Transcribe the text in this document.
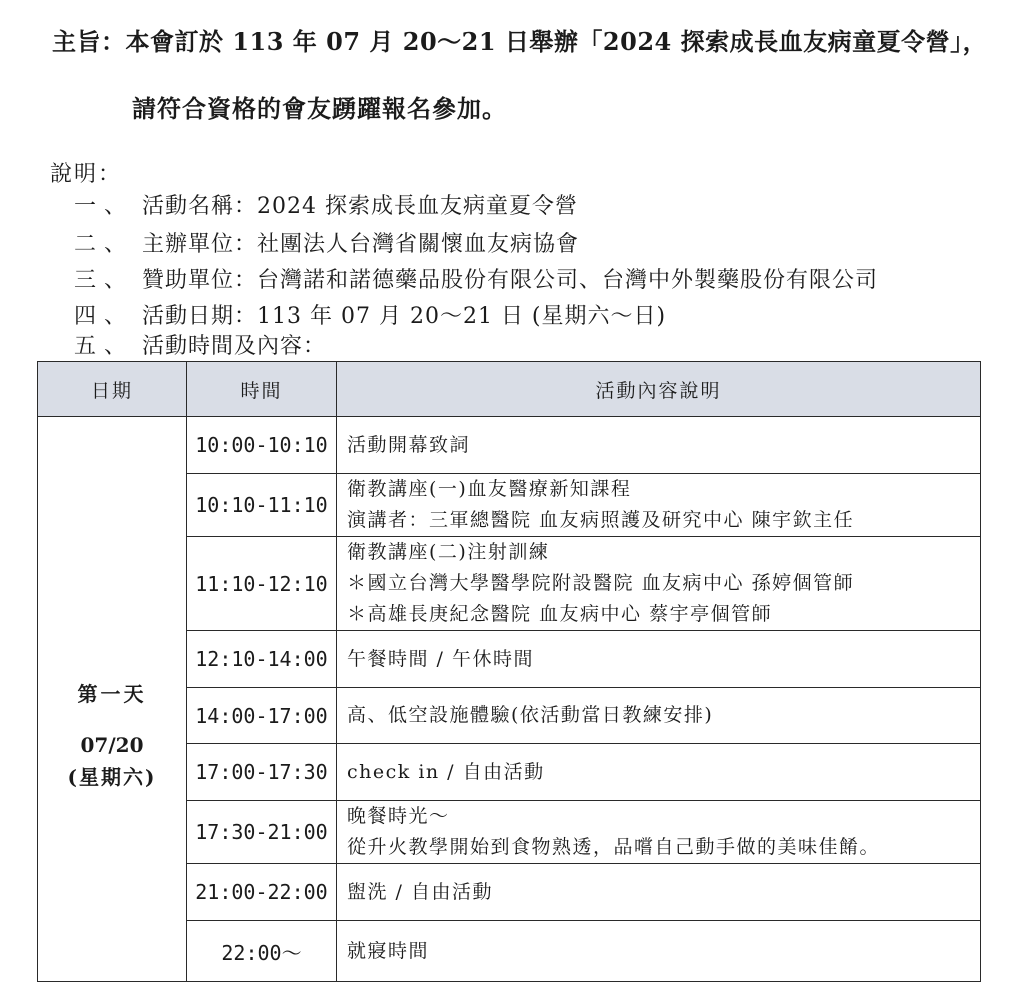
主旨：本會訂於 113 年 07 月 20～21 日舉辦「2024 探索成長血友病童夏令營」，
請符合資格的會友踴躍報名參加。
說明：
一、 活動名稱：2024 探索成長血友病童夏令營
二、 主辦單位：社團法人台灣省關懷血友病協會
三、 贊助單位：台灣諾和諾德藥品股份有限公司、台灣中外製藥股份有限公司
四、 活動日期：113 年 07 月 20～21 日 (星期六～日)
五、 活動時間及內容：
日期	時間	活動內容說明

第一天
07/20
(星期六)	10:00-10:10	活動開幕致詞

	10:10-11:10	衛教講座(一)血友醫療新知課程
演講者：三軍總醫院 血友病照護及研究中心 陳宇欽主任

	11:10-12:10	衛教講座(二)注射訓練
＊國立台灣大學醫學院附設醫院 血友病中心 孫婷個管師
＊高雄長庚紀念醫院 血友病中心 蔡宇亭個管師

	12:10-14:00	午餐時間 / 午休時間

	14:00-17:00	高、低空設施體驗(依活動當日教練安排)

	17:00-17:30	check in / 自由活動

	17:30-21:00	晚餐時光～
從升火教學開始到食物熟透，品嚐自己動手做的美味佳餚。

	21:00-22:00	盥洗 / 自由活動

	22:00～	就寢時間
